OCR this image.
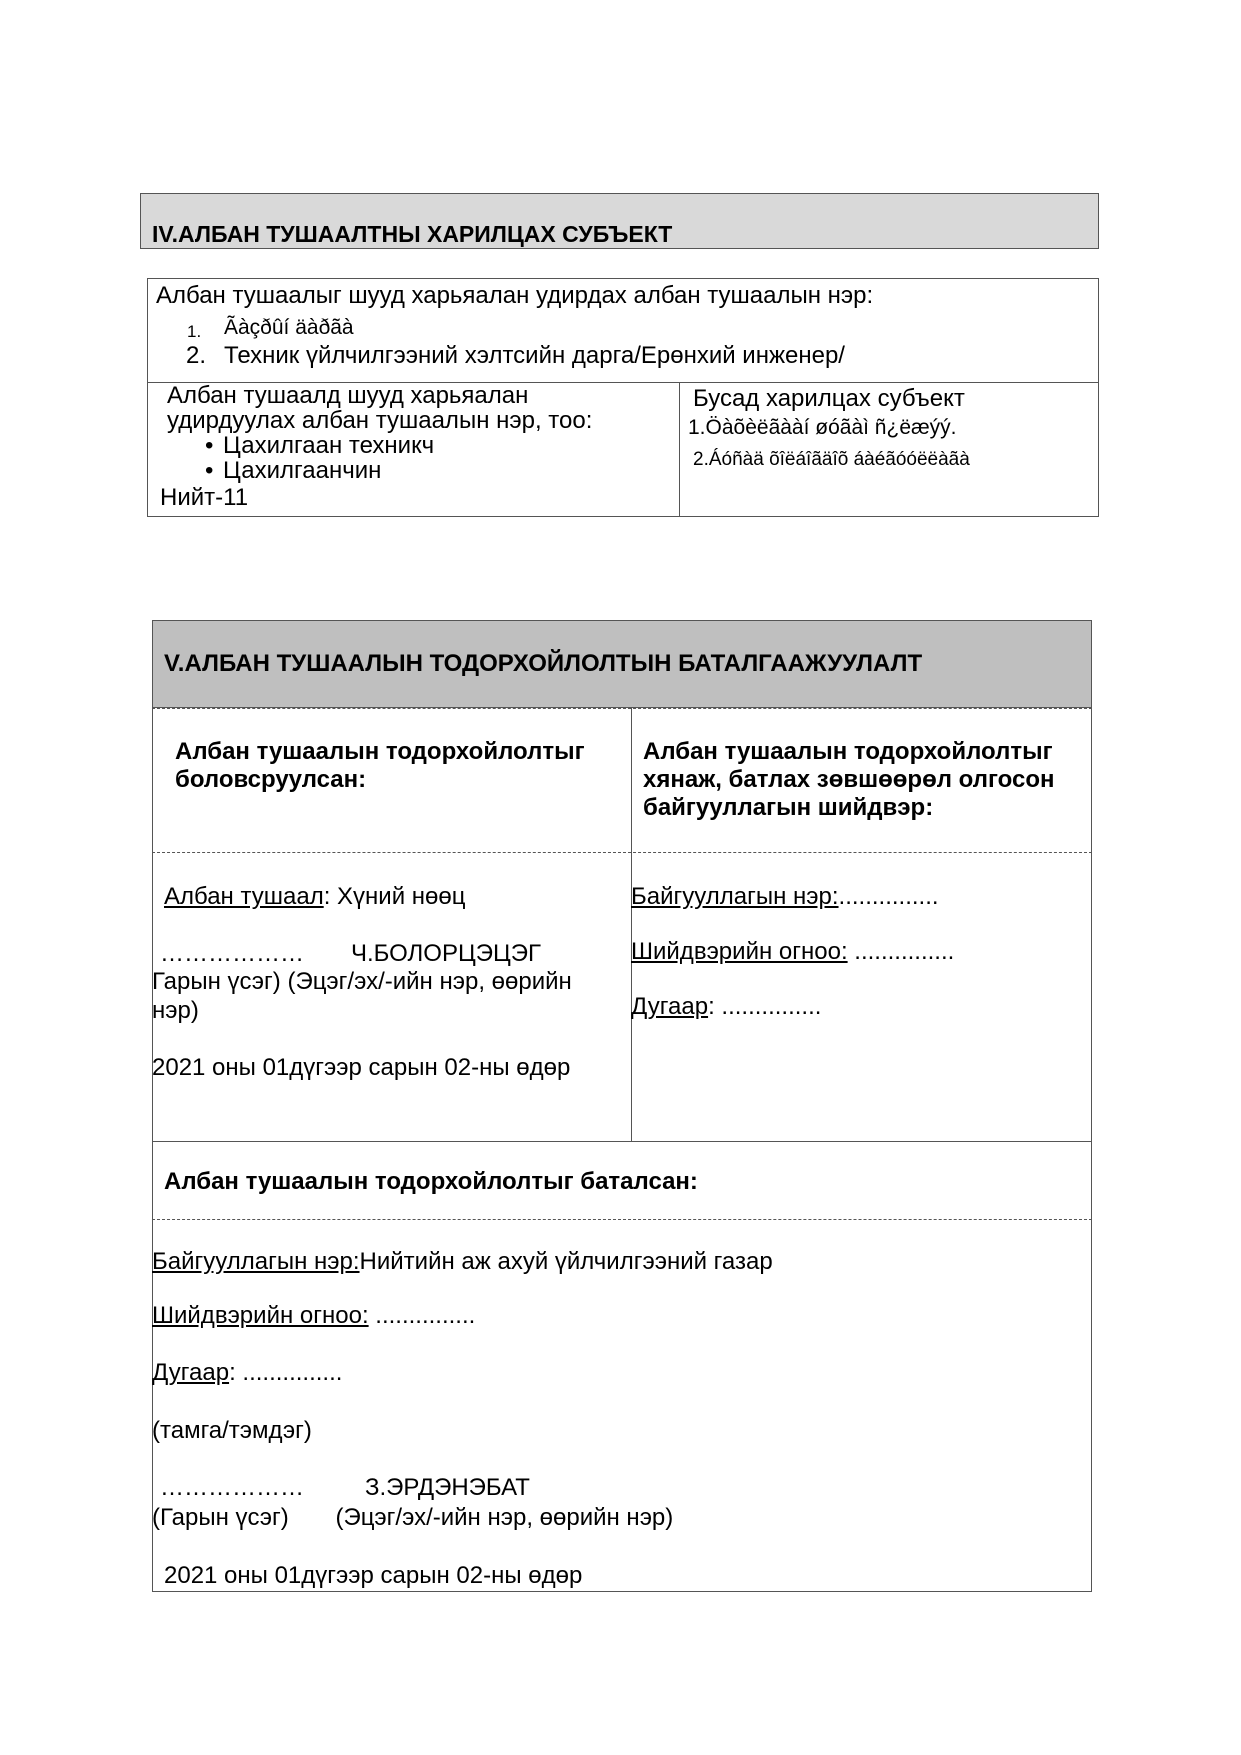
IV.АЛБАН ТУШААЛТНЫ ХАРИЛЦАХ СУБЪЕКТ
Албан тушаалыг шууд харьяалан удирдах албан тушаалын нэр:
1. Ãàçðûí äàðãà
2. Техник үйлчилгээний хэлтсийн дарга/Ерөнхий инженер/
Албан тушаалд шууд харьяалан
удирдуулах албан тушаалын нэр, тоо:
• Цахилгаан техникч
• Цахилгаанчин
Нийт-11
Бусад харилцах субъект
1.Öàõèëãààí øóãàì ñ¿ëæýý.
2.Áóñàä õîëáîãäîõ áàéãóóëëàãà
V.АЛБАН ТУШААЛЫН ТОДОРХОЙЛОЛТЫН БАТАЛГААЖУУЛАЛТ
Албан тушаалын тодорхойлолтыг
боловсруулсан:
Албан тушаалын тодорхойлолтыг
хянаж, батлах зөвшөөрөл олгосон
байгууллагын шийдвэр:
Албан тушаал: Хүний нөөц
……………… Ч.БОЛОРЦЭЦЭГ
Гарын үсэг) (Эцэг/эх/-ийн нэр, өөрийн
нэр)
2021 оны 01дүгээр сарын 02-ны өдөр
Байгууллагын нэр:...............
Шийдвэрийн огноо: ...............
Дугаар: ...............
Албан тушаалын тодорхойлолтыг баталсан:
Байгууллагын нэр:Нийтийн аж ахуй үйлчилгээний газар
Шийдвэрийн огноо: ...............
Дугаар: ...............
(тамга/тэмдэг)
………………	З.ЭРДЭНЭБАТ
(Гарын үсэг)       (Эцэг/эх/-ийн нэр, өөрийн нэр)
2021 оны 01дүгээр сарын 02-ны өдөр
